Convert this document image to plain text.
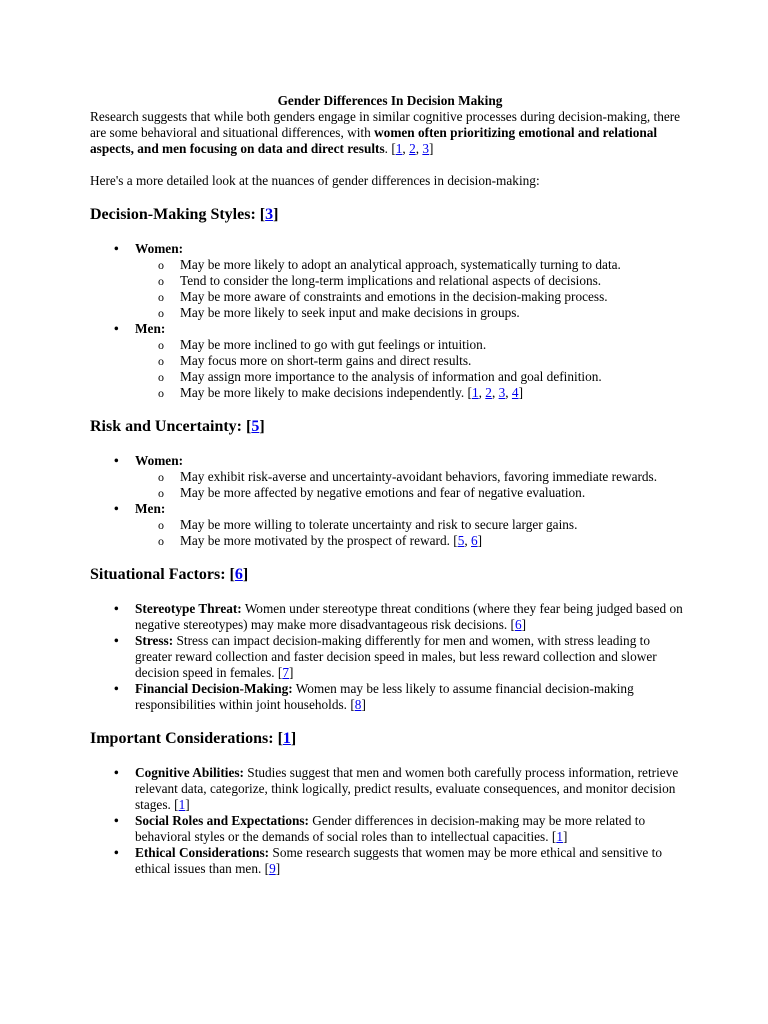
Gender Differences In Decision Making

Research suggests that while both genders engage in similar cognitive processes during decision-making, there are some behavioral and situational differences, with women often prioritizing emotional and relational aspects, and men focusing on data and direct results. [1, 2, 3]

Here's a more detailed look at the nuances of gender differences in decision-making:

Decision-Making Styles: [3]
• Women:
o May be more likely to adopt an analytical approach, systematically turning to data.
o Tend to consider the long-term implications and relational aspects of decisions.
o May be more aware of constraints and emotions in the decision-making process.
o May be more likely to seek input and make decisions in groups.
• Men:
o May be more inclined to go with gut feelings or intuition.
o May focus more on short-term gains and direct results.
o May assign more importance to the analysis of information and goal definition.
o May be more likely to make decisions independently. [1, 2, 3, 4]
Risk and Uncertainty: [5]
• Women:
o May exhibit risk-averse and uncertainty-avoidant behaviors, favoring immediate rewards.
o May be more affected by negative emotions and fear of negative evaluation.
• Men:
o May be more willing to tolerate uncertainty and risk to secure larger gains.
o May be more motivated by the prospect of reward. [5, 6]
Situational Factors: [6]
• Stereotype Threat: Women under stereotype threat conditions (where they fear being judged based on negative stereotypes) may make more disadvantageous risk decisions. [6]
• Stress: Stress can impact decision-making differently for men and women, with stress leading to greater reward collection and faster decision speed in males, but less reward collection and slower decision speed in females. [7]
• Financial Decision-Making: Women may be less likely to assume financial decision-making responsibilities within joint households. [8]
Important Considerations: [1]
• Cognitive Abilities: Studies suggest that men and women both carefully process information, retrieve relevant data, categorize, think logically, predict results, evaluate consequences, and monitor decision stages. [1]
• Social Roles and Expectations: Gender differences in decision-making may be more related to behavioral styles or the demands of social roles than to intellectual capacities. [1]
• Ethical Considerations: Some research suggests that women may be more ethical and sensitive to ethical issues than men. [9]
